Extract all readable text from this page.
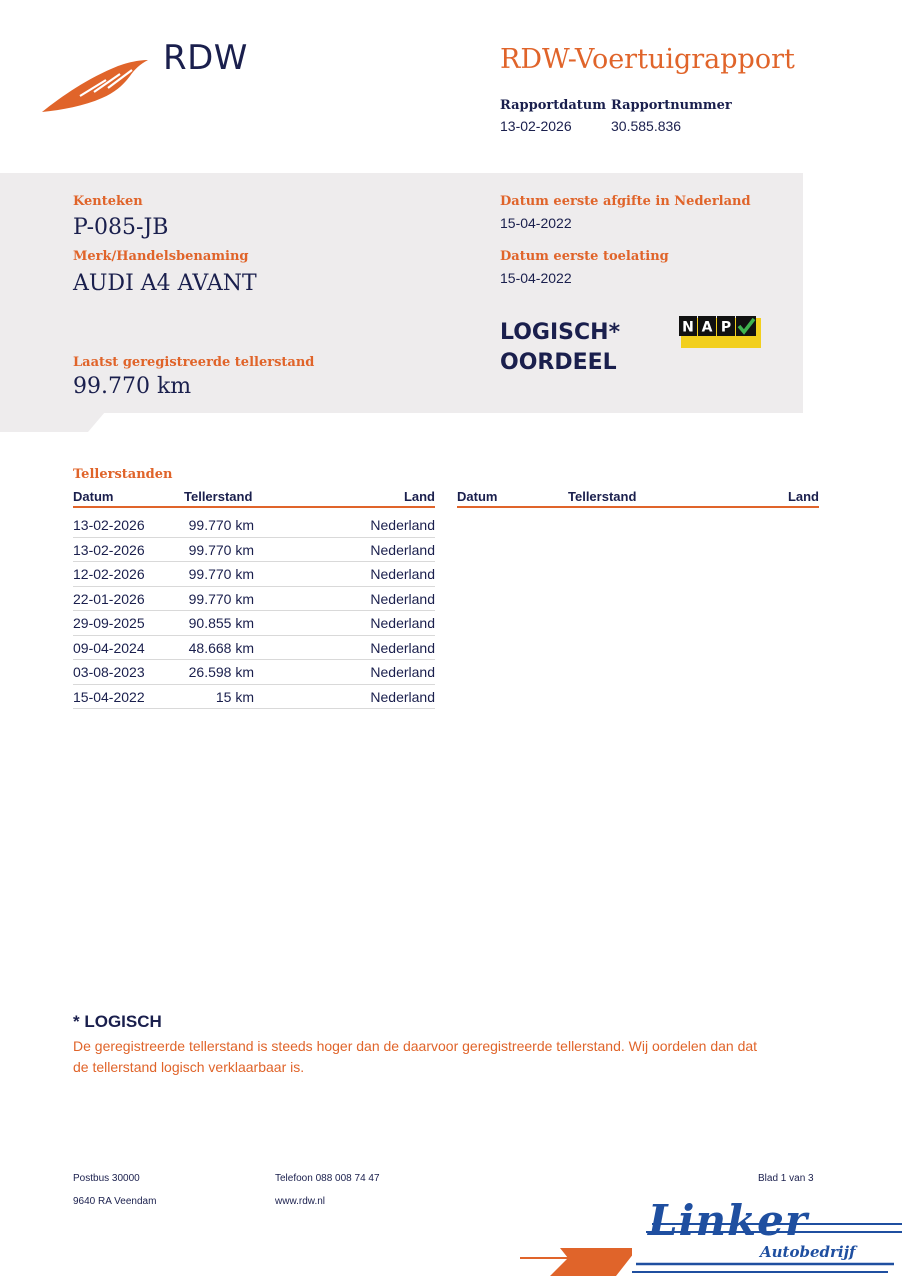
RDW	RDW-Voertuigrapport
Rapportdatum
13-02-2026
Rapportnummer
30.585.836
Kenteken
P-085-JB
Merk/Handelsbenaming
AUDI A4 AVANT
Laatst geregistreerde tellerstand
99.770 km
Datum eerste afgifte in Nederland
15-04-2022
Datum eerste toelating
15-04-2022
LOGISCH*
OORDEEL
N A P
Tellerstanden
Datum	Tellerstand	Land
13-02-2026	99.770 km	Nederland
13-02-2026	99.770 km	Nederland
12-02-2026	99.770 km	Nederland
22-01-2026	99.770 km	Nederland
29-09-2025	90.855 km	Nederland
09-04-2024	48.668 km	Nederland
03-08-2023	26.598 km	Nederland
15-04-2022	15 km	Nederland
Datum	Tellerstand	Land
* LOGISCH
De geregistreerde tellerstand is steeds hoger dan de daarvoor geregistreerde tellerstand. Wij oordelen dan dat de tellerstand logisch verklaarbaar is.
Postbus 30000
9640 RA Veendam
Telefoon 088 008 74 47
www.rdw.nl
Blad 1 van 3
Linker
Autobedrijf
